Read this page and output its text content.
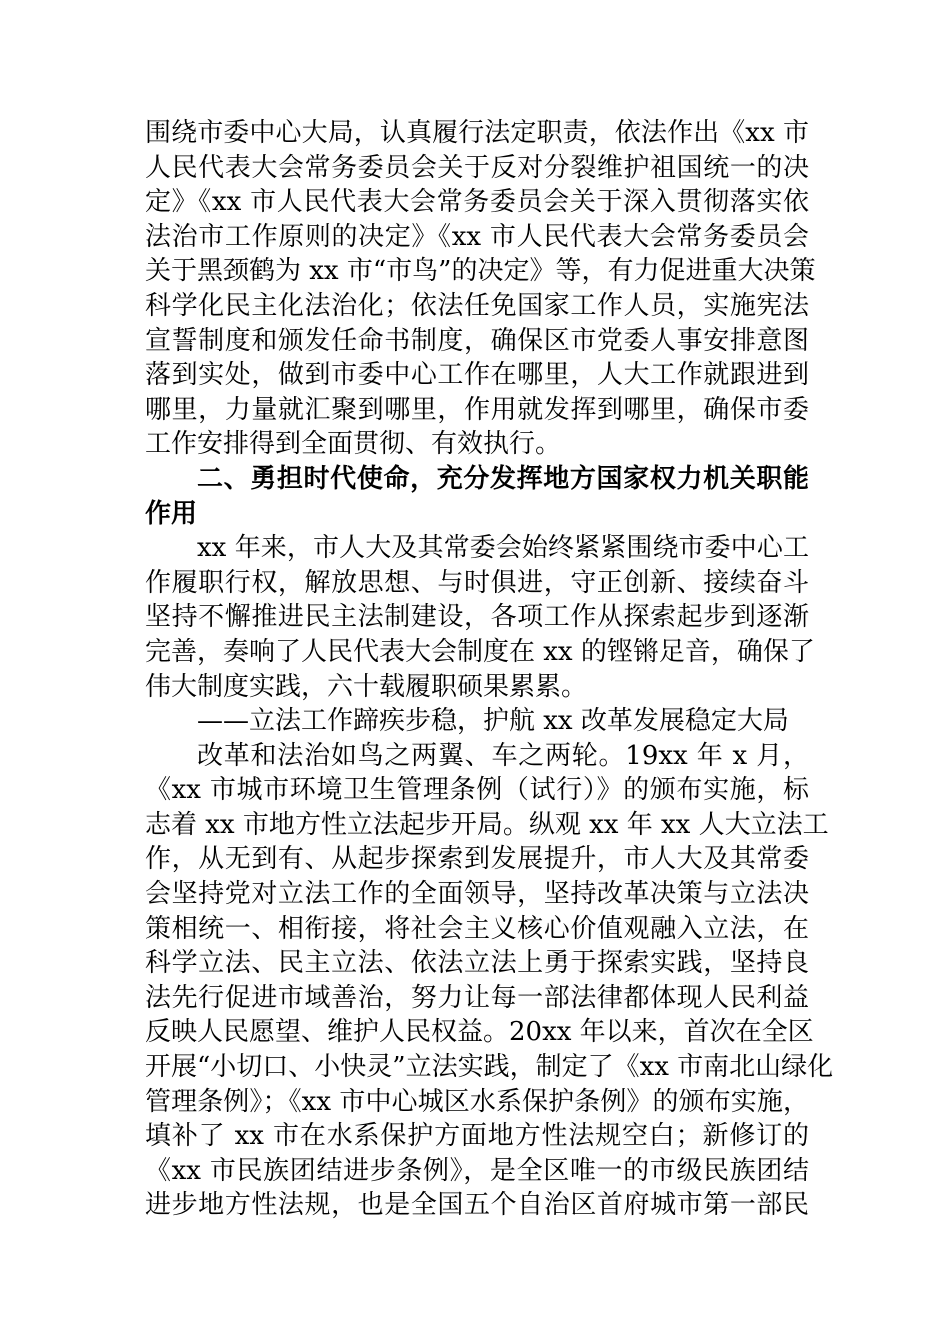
围绕市委中心大局，认真履行法定职责，依法作出《xx 市
人民代表大会常务委员会关于反对分裂维护祖国统一的决
定》《xx 市人民代表大会常务委员会关于深入贯彻落实依
法治市工作原则的决定》《xx 市人民代表大会常务委员会
关于黑颈鹤为 xx 市“市鸟”的决定》等，有力促进重大决策
科学化民主化法治化；依法任免国家工作人员，实施宪法
宣誓制度和颁发任命书制度，确保区市党委人事安排意图
落到实处，做到市委中心工作在哪里，人大工作就跟进到
哪里，力量就汇聚到哪里，作用就发挥到哪里，确保市委
工作安排得到全面贯彻、有效执行。
二、勇担时代使命，充分发挥地方国家权力机关职能
作用
xx 年来，市人大及其常委会始终紧紧围绕市委中心工
作履职行权，解放思想、与时俱进，守正创新、接续奋斗
坚持不懈推进民主法制建设，各项工作从探索起步到逐渐
完善，奏响了人民代表大会制度在 xx 的铿锵足音，确保了
伟大制度实践，六十载履职硕果累累。
——立法工作蹄疾步稳，护航 xx 改革发展稳定大局
改革和法治如鸟之两翼、车之两轮。19xx 年 x 月，
《xx 市城市环境卫生管理条例（试行）》的颁布实施，标
志着 xx 市地方性立法起步开局。纵观 xx 年 xx 人大立法工
作，从无到有、从起步探索到发展提升，市人大及其常委
会坚持党对立法工作的全面领导，坚持改革决策与立法决
策相统一、相衔接，将社会主义核心价值观融入立法，在
科学立法、民主立法、依法立法上勇于探索实践，坚持良
法先行促进市域善治，努力让每一部法律都体现人民利益
反映人民愿望、维护人民权益。20xx 年以来，首次在全区
开展“小切口、小快灵”立法实践，制定了《xx 市南北山绿化
管理条例》；《xx 市中心城区水系保护条例》的颁布实施，
填补了 xx 市在水系保护方面地方性法规空白；新修订的
《xx 市民族团结进步条例》，是全区唯一的市级民族团结
进步地方性法规，也是全国五个自治区首府城市第一部民
